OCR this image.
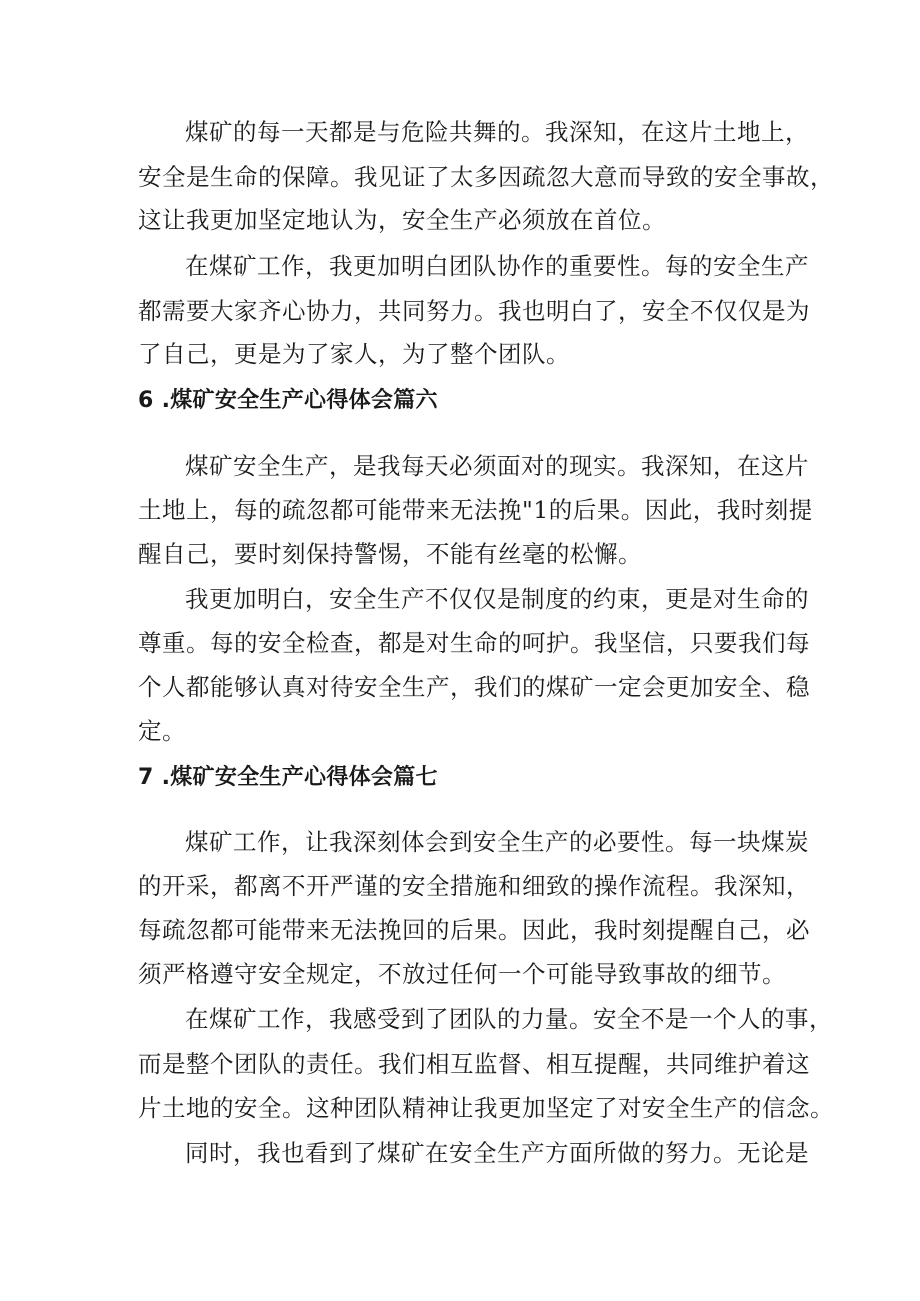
煤矿的每一天都是与危险共舞的。我深知，在这片土地上，

安全是生命的保障。我见证了太多因疏忽大意而导致的安全事故，

这让我更加坚定地认为，安全生产必须放在首位。

在煤矿工作，我更加明白团队协作的重要性。每的安全生产

都需要大家齐心协力，共同努力。我也明白了，安全不仅仅是为

了自己，更是为了家人，为了整个团队。

6 .煤矿安全生产心得体会篇六

煤矿安全生产，是我每天必须面对的现实。我深知，在这片

土地上，每的疏忽都可能带来无法挽"1的后果。因此，我时刻提

醒自己，要时刻保持警惕，不能有丝毫的松懈。

我更加明白，安全生产不仅仅是制度的约束，更是对生命的

尊重。每的安全检查，都是对生命的呵护。我坚信，只要我们每

个人都能够认真对待安全生产，我们的煤矿一定会更加安全、稳

定。

7 .煤矿安全生产心得体会篇七

煤矿工作，让我深刻体会到安全生产的必要性。每一块煤炭

的开采，都离不开严谨的安全措施和细致的操作流程。我深知，

每疏忽都可能带来无法挽回的后果。因此，我时刻提醒自己，必

须严格遵守安全规定，不放过任何一个可能导致事故的细节。

在煤矿工作，我感受到了团队的力量。安全不是一个人的事，

而是整个团队的责任。我们相互监督、相互提醒，共同维护着这

片土地的安全。这种团队精神让我更加坚定了对安全生产的信念。

同时，我也看到了煤矿在安全生产方面所做的努力。无论是
